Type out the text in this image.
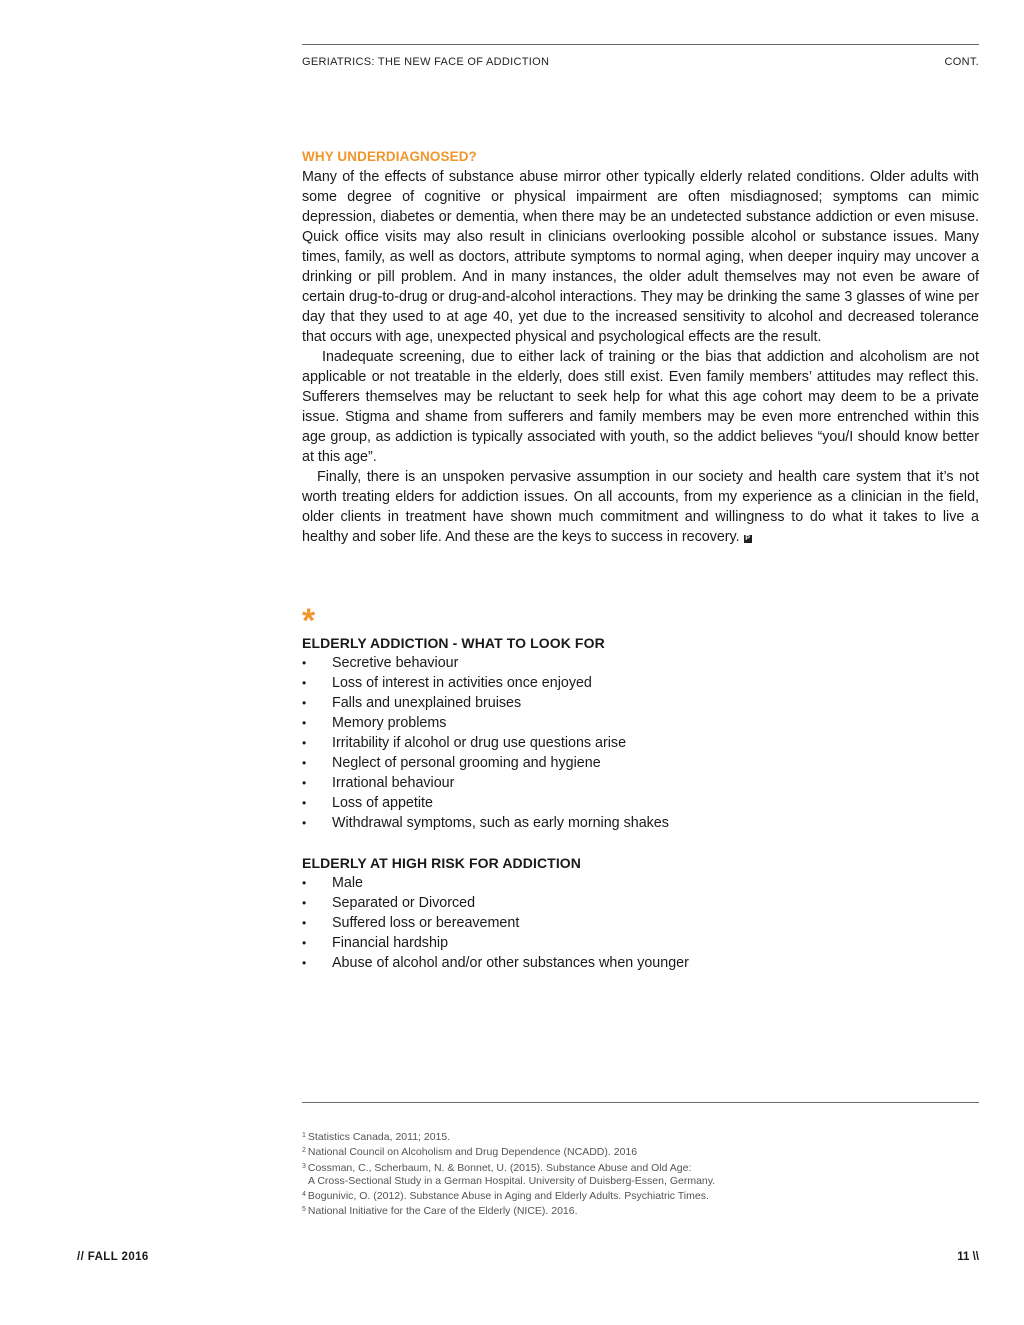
GERIATRICS: THE NEW FACE OF ADDICTION	CONT.
WHY UNDERDIAGNOSED?

Many of the effects of substance abuse mirror other typically elderly related conditions. Older adults with some degree of cognitive or physical impairment are often misdiagnosed; symptoms can mimic depression, diabetes or dementia, when there may be an undetected substance addiction or even misuse. Quick office visits may also result in clinicians overlooking possible alcohol or substance issues. Many times, family, as well as doctors, attribute symptoms to normal aging, when deeper inquiry may uncover a drinking or pill problem. And in many instances, the older adult themselves may not even be aware of certain drug-to-drug or drug-and-alcohol interactions. They may be drinking the same 3 glasses of wine per day that they used to at age 40, yet due to the increased sensitivity to alcohol and decreased tolerance that occurs with age, unexpected physical and psychological effects are the result.

Inadequate screening, due to either lack of training or the bias that addiction and alcoholism are not applicable or not treatable in the elderly, does still exist. Even family members’ attitudes may reflect this. Sufferers themselves may be reluctant to seek help for what this age cohort may deem to be a private issue. Stigma and shame from sufferers and family members may be even more entrenched within this age group, as addiction is typically associated with youth, so the addict believes “you/I should know better at this age”.

Finally, there is an unspoken pervasive assumption in our society and health care system that it’s not worth treating elders for addiction issues. On all accounts, from my experience as a clinician in the field, older clients in treatment have shown much commitment and willingness to do what it takes to live a healthy and sober life. And these are the keys to success in recovery. P

*
ELDERLY ADDICTION - WHAT TO LOOK FOR
• Secretive behaviour
• Loss of interest in activities once enjoyed
• Falls and unexplained bruises
• Memory problems
• Irritability if alcohol or drug use questions arise
• Neglect of personal grooming and hygiene
• Irrational behaviour
• Loss of appetite
• Withdrawal symptoms, such as early morning shakes
ELDERLY AT HIGH RISK FOR ADDICTION
• Male
• Separated or Divorced
• Suffered loss or bereavement
• Financial hardship
• Abuse of alcohol and/or other substances when younger
$^1$ Statistics Canada, 2011; 2015.
$^2$ National Council on Alcoholism and Drug Dependence (NCADD). 2016
$^3$ Cossman, C., Scherbaum, N. & Bonnet, U. (2015). Substance Abuse and Old Age:
A Cross-Sectional Study in a German Hospital. University of Duisberg-Essen, Germany.
$^4$ Bogunivic, O. (2012). Substance Abuse in Aging and Elderly Adults. Psychiatric Times.
$^5$ National Initiative for the Care of the Elderly (NICE). 2016.
// FALL 2016	11 \\
